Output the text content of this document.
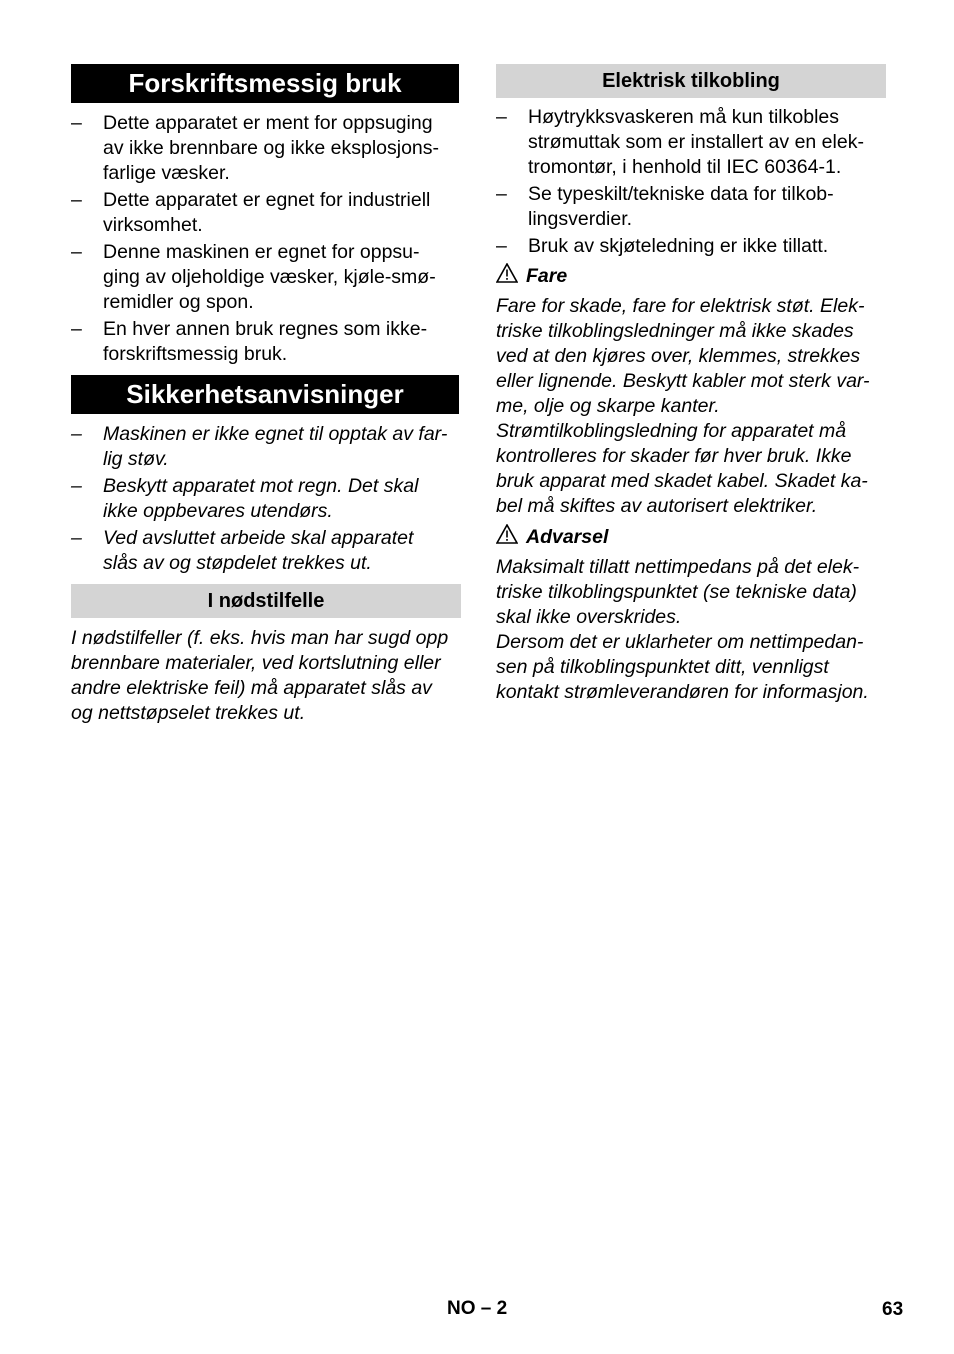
Forskriftsmessig bruk
–	Dette apparatet er ment for oppsuging
av ikke brennbare og ikke eksplosjons-
farlige væsker.
–	Dette apparatet er egnet for industriell
virksomhet.
–	Denne maskinen er egnet for oppsu-
ging av oljeholdige væsker, kjøle-smø-
remidler og spon.
–	En hver annen bruk regnes som ikke-
forskriftsmessig bruk.
Sikkerhetsanvisninger
–	Maskinen er ikke egnet til opptak av far-
lig støv.
–	Beskytt apparatet mot regn. Det skal
ikke oppbevares utendørs.
–	Ved avsluttet arbeide skal apparatet
slås av og støpdelet trekkes ut.
I nødstilfelle

I nødstilfeller (f. eks. hvis man har sugd opp
brennbare materialer, ved kortslutning eller
andre elektriske feil) må apparatet slås av
og nettstøpselet trekkes ut.

Elektrisk tilkobling
–	Høytrykksvaskeren må kun tilkobles
strømuttak som er installert av en elek-
tromontør, i henhold til IEC 60364-1.
–	Se typeskilt/tekniske data for tilkob-
lingsverdier.
–	Bruk av skjøteledning er ikke tillatt.
Fare

Fare for skade, fare for elektrisk støt. Elek-
triske tilkoblingsledninger må ikke skades
ved at den kjøres over, klemmes, strekkes
eller lignende. Beskytt kabler mot sterk var-
me, olje og skarpe kanter.
Strømtilkoblingsledning for apparatet må
kontrolleres for skader før hver bruk. Ikke
bruk apparat med skadet kabel. Skadet ka-
bel må skiftes av autorisert elektriker.

Advarsel

Maksimalt tillatt nettimpedans på det elek-
triske tilkoblingspunktet (se tekniske data)
skal ikke overskrides.
Dersom det er uklarheter om nettimpedan-
sen på tilkoblingspunktet ditt, vennligst
kontakt strømleverandøren for informasjon.

NO – 2	63
